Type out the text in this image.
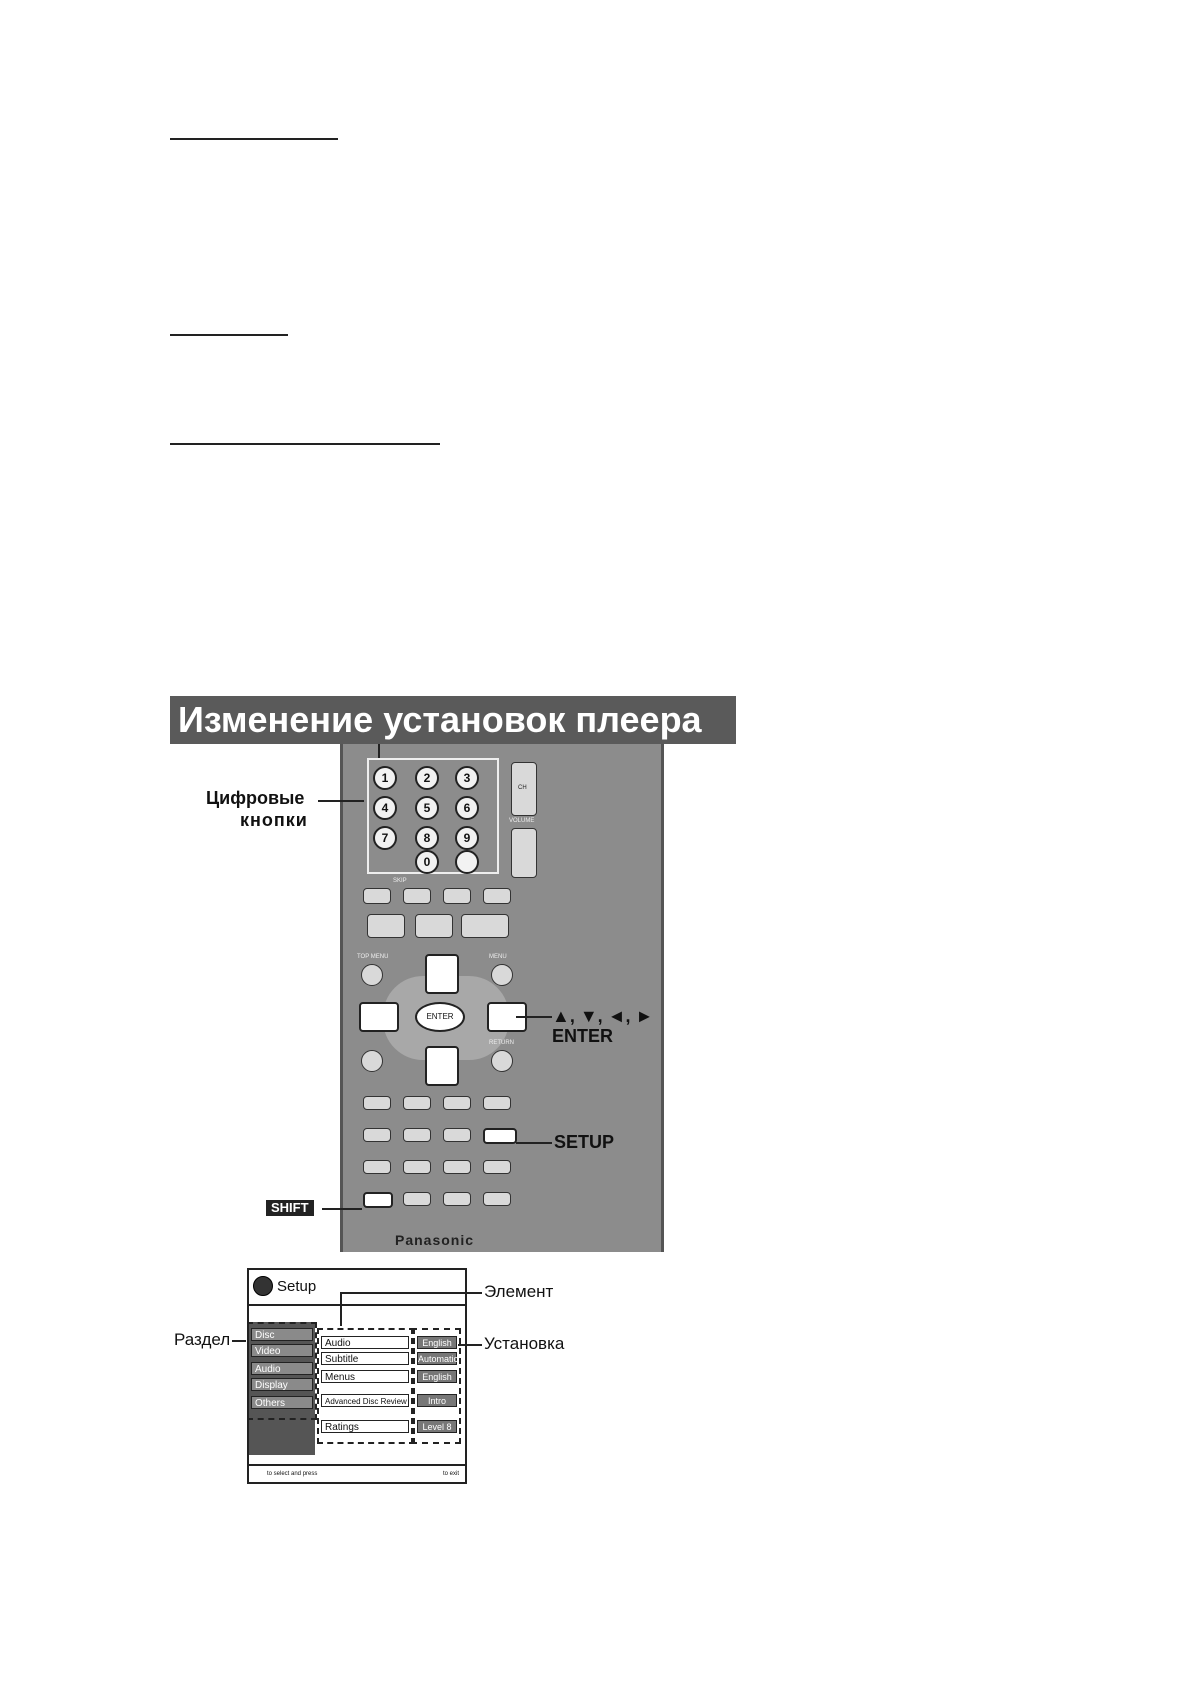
Изменение установок плеера
1	2	3
4	5	6
7	8	9
0
CH
VOLUME
SKIP
TOP MENU	MENU
ENTER
RETURN
Panasonic
Цифровые
кнопки
▲, ▼, ◄, ►
ENTER
SETUP
SHIFT
Setup
Disc
Video
Audio
Display
Others
Audio
Subtitle
Menus
Advanced Disc Review
Ratings
English
Automatic
English
Intro Mode
Level 8
to select and press	to exit
Раздел
Элемент
Установка
